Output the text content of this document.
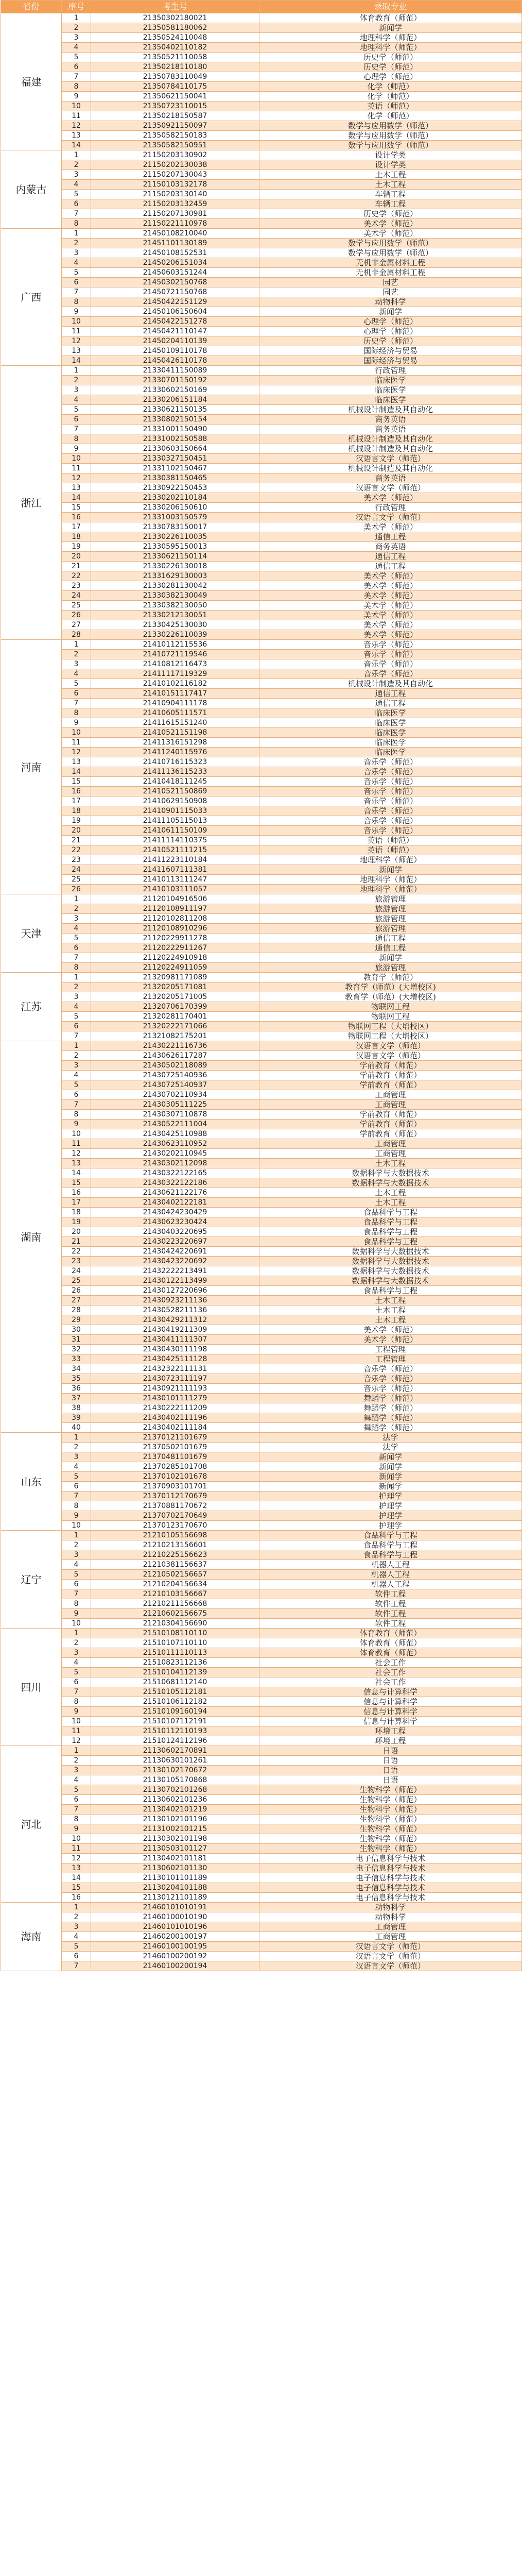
省份	序号	考生号	录取专业
福建	1	21350302180021	体育教育（师范）
	2	21350581180062	新闻学
	3	21350524110048	地理科学（师范）
	4	21350402110182	地理科学（师范）
	5	21350521110058	历史学（师范）
	6	21350218110180	历史学（师范）
	7	21350783110049	心理学（师范）
	8	21350784110175	化学（师范）
	9	21350621150041	化学（师范）
	10	21350723110015	英语（师范）
	11	21350218150587	化学（师范）
	12	21350921150097	数学与应用数学（师范）
	13	21350582150183	数学与应用数学（师范）
	14	21350582150951	数学与应用数学（师范）
内蒙古	1	21150203130902	设计学类
	2	21150202130038	设计学类
	3	21150207130043	土木工程
	4	21150103132178	土木工程
	5	21150203130140	车辆工程
	6	21150203132459	车辆工程
	7	21150207130981	历史学（师范）
	8	21150221110978	美术学（师范）
广西	1	21450108210040	美术学（师范）
	2	21451101130189	数学与应用数学（师范）
	3	21450108152531	数学与应用数学（师范）
	4	21450206151034	无机非金属材料工程
	5	21450603151244	无机非金属材料工程
	6	21450302150768	园艺
	7	21450721150768	园艺
	8	21450422151129	动物科学
	9	21450106150604	新闻学
	10	21450422151278	心理学（师范）
	11	21450421110147	心理学（师范）
	12	21450204110139	历史学（师范）
	13	21450109110178	国际经济与贸易
	14	21450426110178	国际经济与贸易
浙江	1	21330411150089	行政管理
	2	21330701150192	临床医学
	3	21330602150169	临床医学
	4	21330206151184	临床医学
	5	21330621150135	机械设计制造及其自动化
	6	21330802150154	商务英语
	7	21331001150490	商务英语
	8	21331002150588	机械设计制造及其自动化
	9	21330603150664	机械设计制造及其自动化
	10	21330327150451	汉语言文学（师范）
	11	21331102150467	机械设计制造及其自动化
	12	21330381150465	商务英语
	13	21330922150453	汉语言文学（师范）
	14	21330202110184	美术学（师范）
	15	21330206150610	行政管理
	16	21331003150579	汉语言文学（师范）
	17	21330783150017	美术学（师范）
	18	21330226110035	通信工程
	19	21330595150013	商务英语
	20	21330621150114	通信工程
	21	21330226130018	通信工程
	22	21331629130003	美术学（师范）
	23	21330281130042	美术学（师范）
	24	21330382130049	美术学（师范）
	25	21330382130050	美术学（师范）
	26	21330212130051	美术学（师范）
	27	21330425130030	美术学（师范）
	28	21330226110039	美术学（师范）
河南	1	21410112115536	音乐学（师范）
	2	21410721119546	音乐学（师范）
	3	21410812116473	音乐学（师范）
	4	21411117119329	音乐学（师范）
	5	21410102116182	机械设计制造及其自动化
	6	21410151117417	通信工程
	7	21410904111178	通信工程
	8	21410605111571	临床医学
	9	21411615151240	临床医学
	10	21410521151198	临床医学
	11	21411316151298	临床医学
	12	21411240115976	临床医学
	13	21410716115323	音乐学（师范）
	14	21411136115233	音乐学（师范）
	15	21410418111245	音乐学（师范）
	16	21410521150869	音乐学（师范）
	17	21410629150908	音乐学（师范）
	18	21410901115033	音乐学（师范）
	19	21411105115013	音乐学（师范）
	20	21410611150109	音乐学（师范）
	21	21411114110375	英语（师范）
	22	21410521111215	英语（师范）
	23	21411223110184	地理科学（师范）
	24	21411607111381	新闻学
	25	21410113111247	地理科学（师范）
	26	21410103111057	地理科学（师范）
天津	1	21120104916506	旅游管理
	2	21120108911197	旅游管理
	3	21120102811208	旅游管理
	4	21120108910296	旅游管理
	5	21120229911278	通信工程
	6	21120222911267	通信工程
	7	21120224910918	新闻学
	8	21120224911059	旅游管理
江苏	1	21320981171089	教育学（师范）
	2	21320205171081	教育学（师范）(大增校区)
	3	21320205171005	教育学（师范）(大增校区)
	4	21320706170399	物联网工程
	5	21320281170401	物联网工程
	6	21320222171066	物联网工程（大增校区）
	7	21321082175201	物联网工程（大增校区）
湖南	1	21430221116736	汉语言文学（师范）
	2	21430626117287	汉语言文学（师范）
	3	21430502118089	学前教育（师范）
	4	21430725140936	学前教育（师范）
	5	21430725140937	学前教育（师范）
	6	21430702110934	工商管理
	7	21430305111225	工商管理
	8	21430307110878	学前教育（师范）
	9	21430522111004	学前教育（师范）
	10	21430425110988	学前教育（师范）
	11	21430623110952	工商管理
	12	21430202110945	工商管理
	13	21430302112098	土木工程
	14	21430322122165	数据科学与大数据技术
	15	21430322122186	数据科学与大数据技术
	16	21430621122176	土木工程
	17	21430402122181	土木工程
	18	21430424230429	食品科学与工程
	19	21430623230424	食品科学与工程
	20	21430403220695	食品科学与工程
	21	21430223220697	食品科学与工程
	22	21430424220691	数据科学与大数据技术
	23	21430423220692	数据科学与大数据技术
	24	21432222213491	数据科学与大数据技术
	25	21430122113499	数据科学与大数据技术
	26	21430127220696	食品科学与工程
	27	21430923211136	土木工程
	28	21430528211136	土木工程
	29	21430429211312	土木工程
	30	21430419211309	美术学（师范）
	31	21430411111307	美术学（师范）
	32	21430430111198	工程管理
	33	21430425111128	工程管理
	34	21432322111131	音乐学（师范）
	35	21430723111197	音乐学（师范）
	36	21430921111193	音乐学（师范）
	37	21430101111279	舞蹈学（师范）
	38	21430222111209	舞蹈学（师范）
	39	21430402111196	舞蹈学（师范）
	40	21430402111184	舞蹈学（师范）
山东	1	21370121101679	法学
	2	21370502101679	法学
	3	21370481101679	新闻学
	4	21370285101708	新闻学
	5	21370102101678	新闻学
	6	21370903101701	新闻学
	7	21370112170679	护理学
	8	21370881170672	护理学
	9	21370702170649	护理学
	10	21370123170670	护理学
辽宁	1	21210105156698	食品科学与工程
	2	21210213156601	食品科学与工程
	3	21210225156623	食品科学与工程
	4	21210381156637	机器人工程
	5	21210502156657	机器人工程
	6	21210204156634	机器人工程
	7	21210103156667	软件工程
	8	21210211156668	软件工程
	9	21210602156675	软件工程
	10	21210304156690	软件工程
四川	1	21510108110110	体育教育（师范）
	2	21510107110110	体育教育（师范）
	3	21510111110113	体育教育（师范）
	4	21510823112136	社会工作
	5	21510104112139	社会工作
	6	21510681112140	社会工作
	7	21510105112181	信息与计算科学
	8	21510106112182	信息与计算科学
	9	21510109160194	信息与计算科学
	10	21510107112191	信息与计算科学
	11	21510112110193	环境工程
	12	21510124112196	环境工程
河北	1	21130602170891	日语
	2	21130630101261	日语
	3	21130102170672	日语
	4	21130105170868	日语
	5	21130702101268	生物科学（师范）
	6	21130602101236	生物科学（师范）
	7	21130402101219	生物科学（师范）
	8	21130102101196	生物科学（师范）
	9	21131002101215	生物科学（师范）
	10	21130302101198	生物科学（师范）
	11	21130503101127	生物科学（师范）
	12	21130402101181	电子信息科学与技术
	13	21130602101130	电子信息科学与技术
	14	21130101101189	电子信息科学与技术
	15	21130204101188	电子信息科学与技术
	16	21130121101189	电子信息科学与技术
海南	1	21460101010191	动物科学
	2	21460100010190	动物科学
	3	21460101010196	工商管理
	4	21460200100197	工商管理
	5	21460100100195	汉语言文学（师范）
	6	21460100200192	汉语言文学（师范）
	7	21460100200194	汉语言文学（师范）
